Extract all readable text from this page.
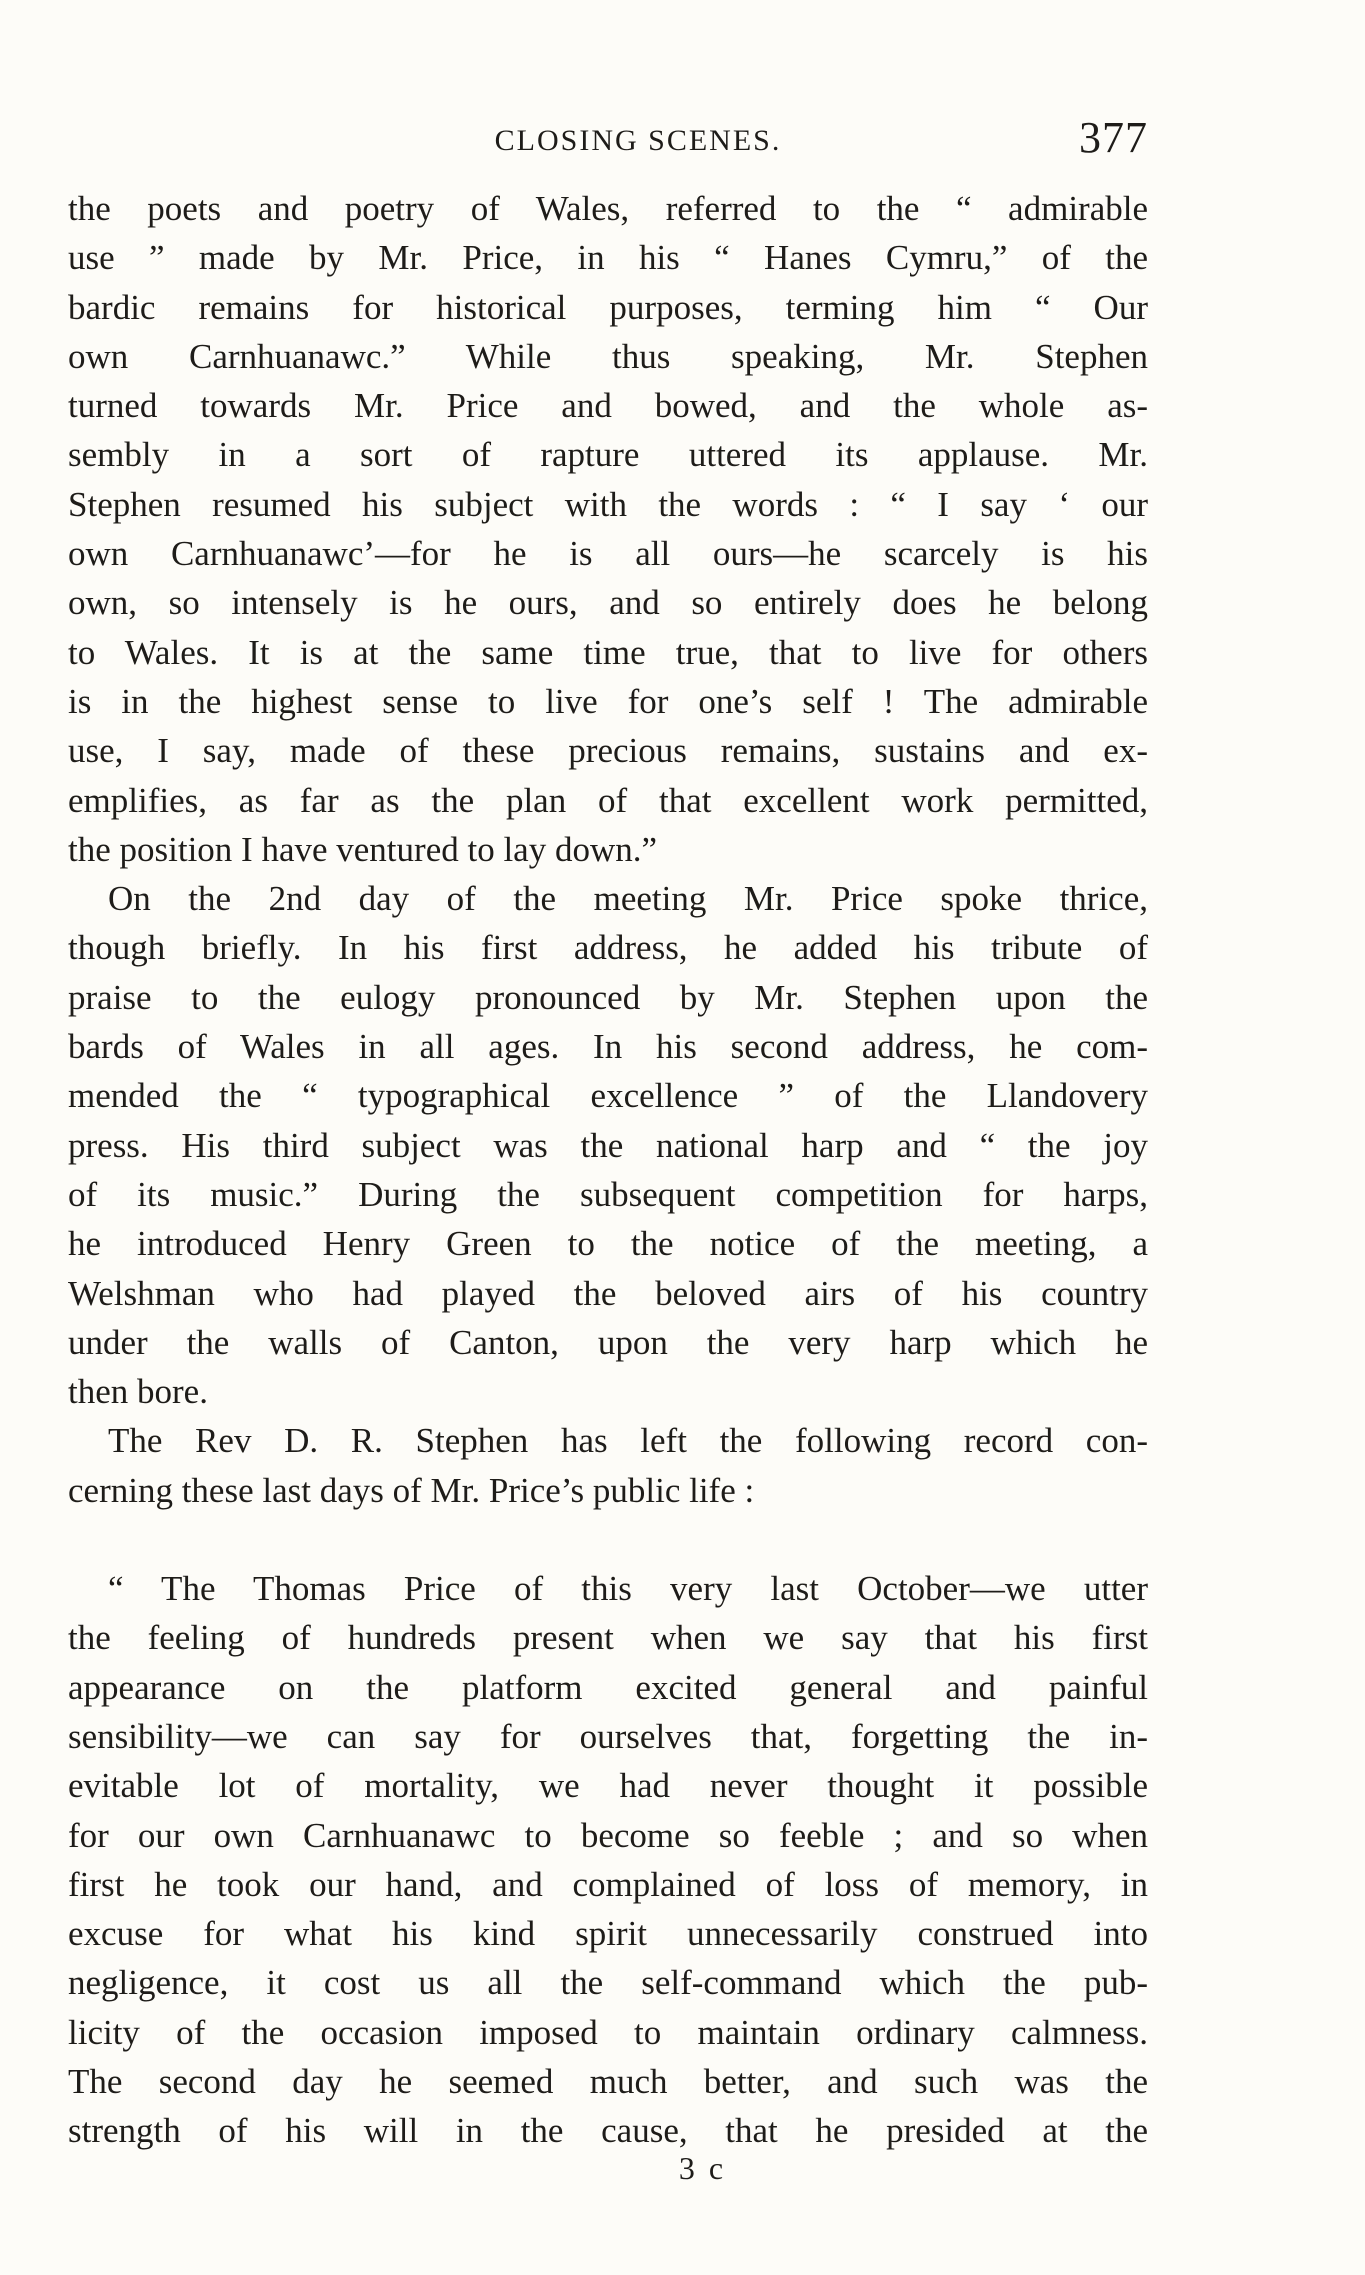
CLOSING SCENES.	377
the poets and poetry of Wales, referred to the “ admirable
use ” made by Mr. Price, in his “ Hanes Cymru,” of the
bardic remains for historical purposes, terming him “ Our
own Carnhuanawc.” While thus speaking, Mr. Stephen
turned towards Mr. Price and bowed, and the whole as-
sembly in a sort of rapture uttered its applause. Mr.
Stephen resumed his subject with the words : “ I say ‘ our
own Carnhuanawc’—for he is all ours—he scarcely is his
own, so intensely is he ours, and so entirely does he belong
to Wales. It is at the same time true, that to live for others
is in the highest sense to live for one’s self ! The admirable
use, I say, made of these precious remains, sustains and ex-
emplifies, as far as the plan of that excellent work permitted,
the position I have ventured to lay down.”
On the 2nd day of the meeting Mr. Price spoke thrice,
though briefly. In his first address, he added his tribute of
praise to the eulogy pronounced by Mr. Stephen upon the
bards of Wales in all ages. In his second address, he com-
mended the “ typographical excellence ” of the Llandovery
press. His third subject was the national harp and “ the joy
of its music.” During the subsequent competition for harps,
he introduced Henry Green to the notice of the meeting, a
Welshman who had played the beloved airs of his country
under the walls of Canton, upon the very harp which he
then bore.
The Rev D. R. Stephen has left the following record con-
cerning these last days of Mr. Price’s public life :
“ The Thomas Price of this very last October—we utter
the feeling of hundreds present when we say that his first
appearance on the platform excited general and painful
sensibility—we can say for ourselves that, forgetting the in-
evitable lot of mortality, we had never thought it possible
for our own Carnhuanawc to become so feeble ; and so when
first he took our hand, and complained of loss of memory, in
excuse for what his kind spirit unnecessarily construed into
negligence, it cost us all the self-command which the pub-
licity of the occasion imposed to maintain ordinary calmness.
The second day he seemed much better, and such was the
strength of his will in the cause, that he presided at the
3 c
